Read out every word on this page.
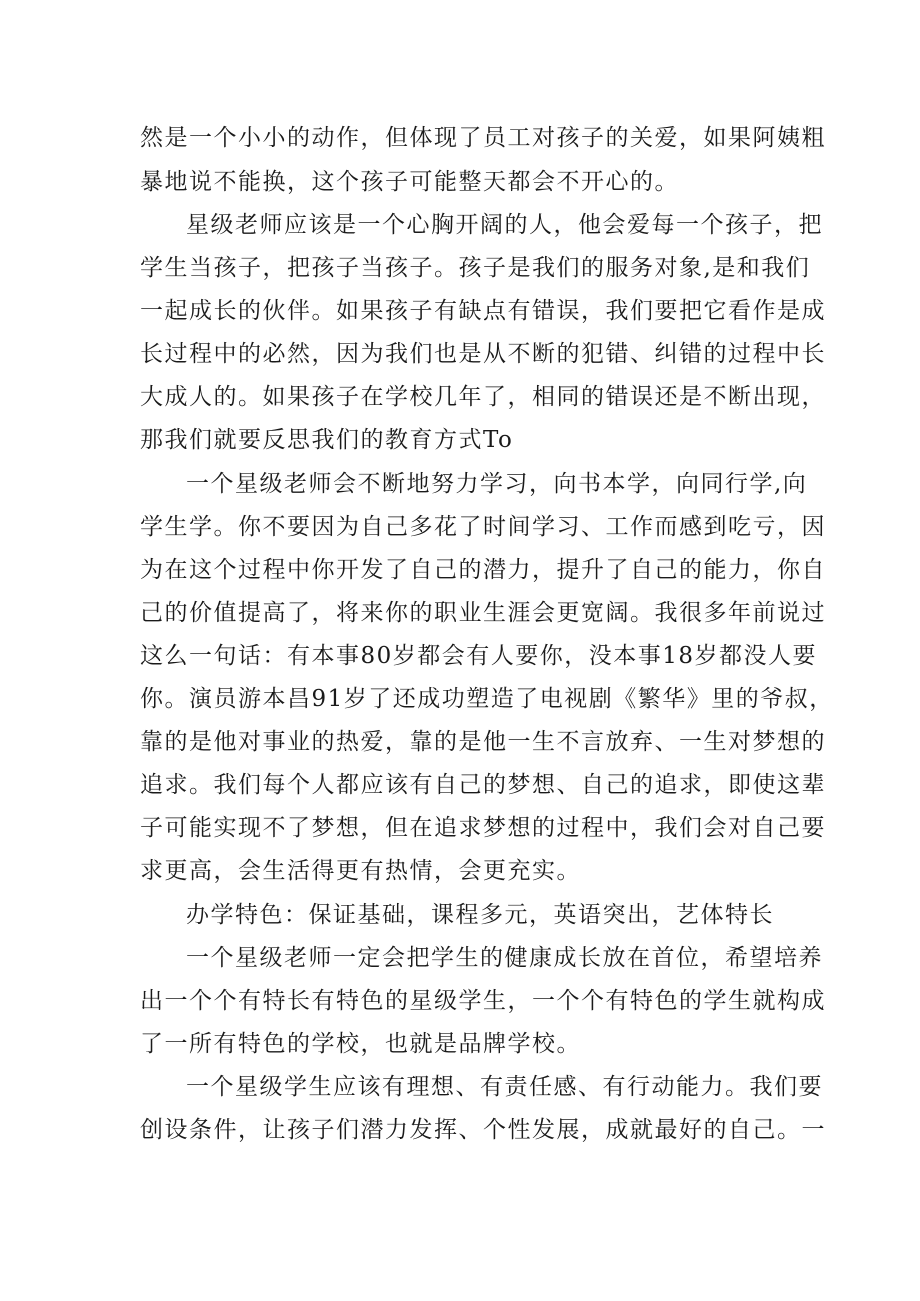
然是一个小小的动作，但体现了员工对孩子的关爱，如果阿姨粗
暴地说不能换，这个孩子可能整天都会不开心的。
星级老师应该是一个心胸开阔的人，他会爱每一个孩子，把
学生当孩子，把孩子当孩子。孩子是我们的服务对象,是和我们
一起成长的伙伴。如果孩子有缺点有错误，我们要把它看作是成
长过程中的必然，因为我们也是从不断的犯错、纠错的过程中长
大成人的。如果孩子在学校几年了，相同的错误还是不断出现，
那我们就要反思我们的教育方式To
一个星级老师会不断地努力学习，向书本学，向同行学,向
学生学。你不要因为自己多花了时间学习、工作而感到吃亏，因
为在这个过程中你开发了自己的潜力，提升了自己的能力，你自
己的价值提高了，将来你的职业生涯会更宽阔。我很多年前说过
这么一句话：有本事80岁都会有人要你，没本事18岁都没人要
你。演员游本昌91岁了还成功塑造了电视剧《繁华》里的爷叔，
靠的是他对事业的热爱，靠的是他一生不言放弃、一生对梦想的
追求。我们每个人都应该有自己的梦想、自己的追求，即使这辈
子可能实现不了梦想，但在追求梦想的过程中，我们会对自己要
求更高，会生活得更有热情，会更充实。
办学特色：保证基础，课程多元，英语突出，艺体特长
一个星级老师一定会把学生的健康成长放在首位，希望培养
出一个个有特长有特色的星级学生，一个个有特色的学生就构成
了一所有特色的学校，也就是品牌学校。
一个星级学生应该有理想、有责任感、有行动能力。我们要
创设条件，让孩子们潜力发挥、个性发展，成就最好的自己。一
